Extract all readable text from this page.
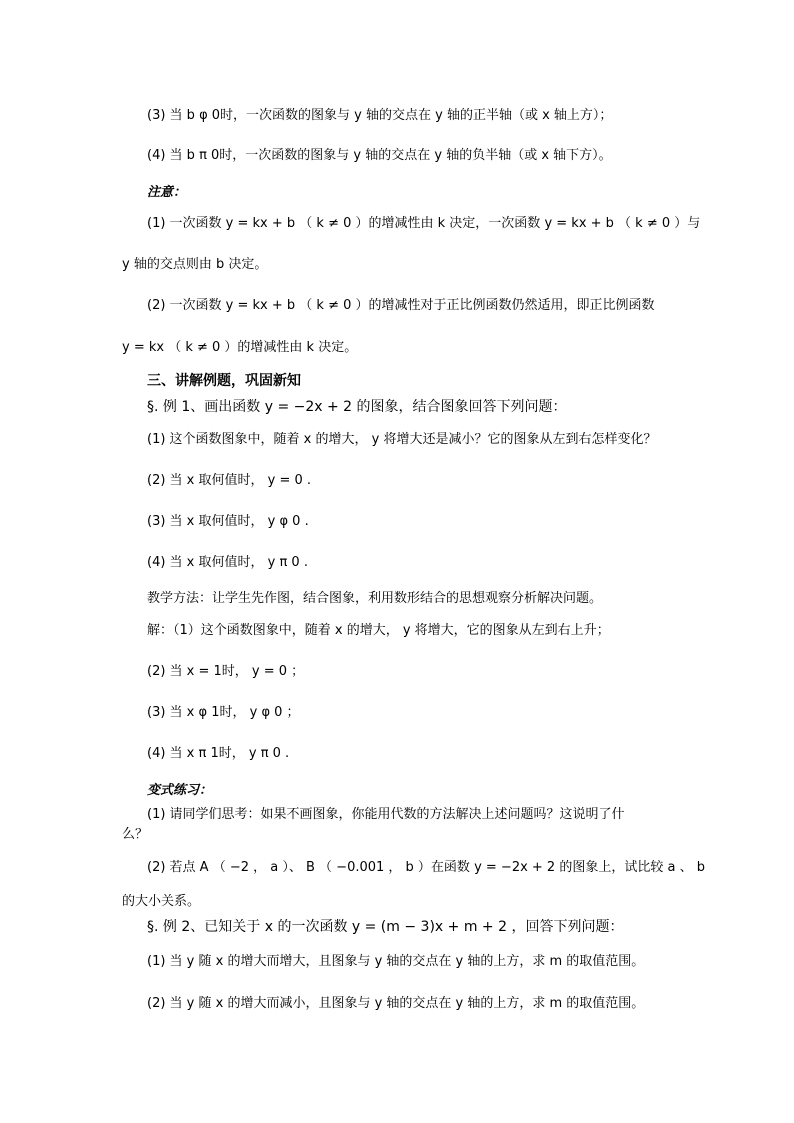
(3) 当 b φ 0时，一次函数的图象与 y 轴的交点在 y 轴的正半轴（或 x 轴上方）；
(4) 当 b π 0时，一次函数的图象与 y 轴的交点在 y 轴的负半轴（或 x 轴下方）。
注意：
(1) 一次函数 y = kx + b （ k ≠ 0 ）的增减性由 k 决定，一次函数 y = kx + b （ k ≠ 0 ）与
y 轴的交点则由 b 决定。
(2) 一次函数 y = kx + b （ k ≠ 0 ）的增减性对于正比例函数仍然适用，即正比例函数
y = kx （ k ≠ 0 ）的增减性由 k 决定。
三、讲解例题，巩固新知
§. 例 1、画出函数 y = −2x + 2 的图象，结合图象回答下列问题：
(1) 这个函数图象中，随着 x 的增大， y 将增大还是减小？它的图象从左到右怎样变化？
(2) 当 x 取何值时， y = 0 .
(3) 当 x 取何值时， y φ 0 .
(4) 当 x 取何值时， y π 0 .
教学方法：让学生先作图，结合图象，利用数形结合的思想观察分析解决问题。
解：（1）这个函数图象中，随着 x 的增大， y 将增大，它的图象从左到右上升；
(2) 当 x = 1时， y = 0 ；
(3) 当 x φ 1时， y φ 0 ；
(4) 当 x π 1时， y π 0 .
变式练习：
(1) 请同学们思考：如果不画图象，你能用代数的方法解决上述问题吗？这说明了什
么？
(2) 若点 A （ −2 ， a ）、 B （ −0.001 ， b ）在函数 y = −2x + 2 的图象上，试比较 a 、 b
的大小关系。
§. 例 2、已知关于 x 的一次函数 y = (m − 3)x + m + 2 ，回答下列问题：
(1) 当 y 随 x 的增大而增大，且图象与 y 轴的交点在 y 轴的上方，求 m 的取值范围。
(2) 当 y 随 x 的增大而减小，且图象与 y 轴的交点在 y 轴的上方，求 m 的取值范围。
